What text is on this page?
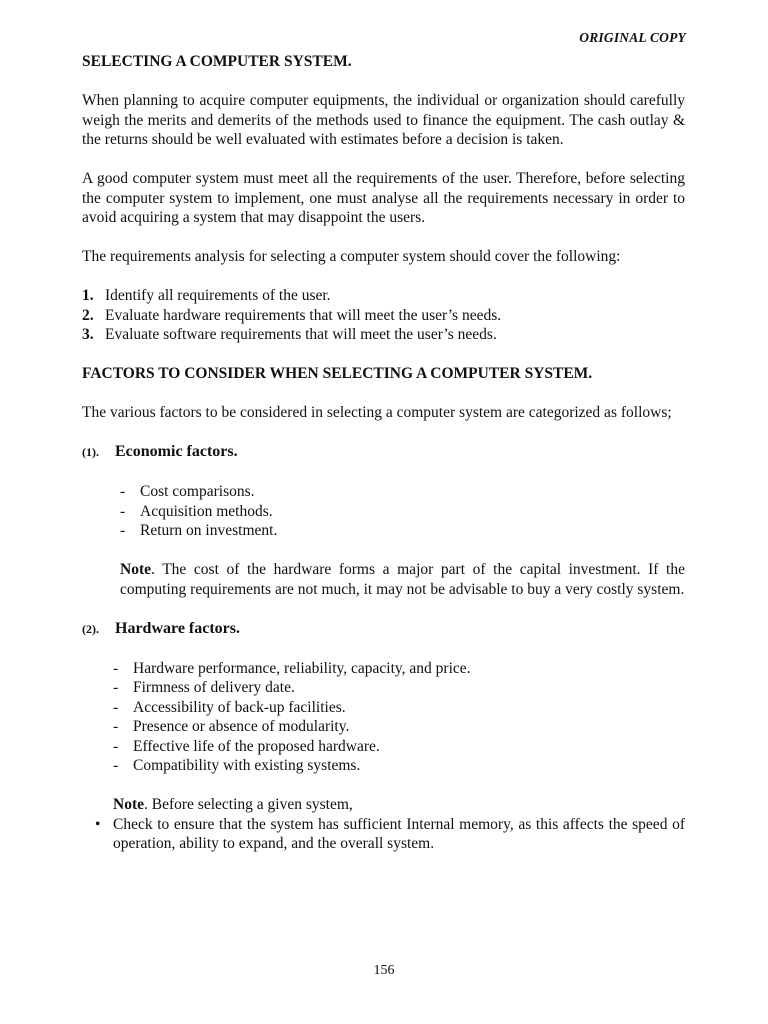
ORIGINAL COPY

SELECTING A COMPUTER SYSTEM.

When planning to acquire computer equipments, the individual or organization should carefully weigh the merits and demerits of the methods used to finance the equipment. The cash outlay & the returns should be well evaluated with estimates before a decision is taken.

A good computer system must meet all the requirements of the user. Therefore, before selecting the computer system to implement, one must analyse all the requirements necessary in order to avoid acquiring a system that may disappoint the users.

The requirements analysis for selecting a computer system should cover the following:

1. Identify all requirements of the user.
2. Evaluate hardware requirements that will meet the user’s needs.
3. Evaluate software requirements that will meet the user’s needs.

FACTORS TO CONSIDER WHEN SELECTING A COMPUTER SYSTEM.

The various factors to be considered in selecting a computer system are categorized as follows;

(1).	Economic factors.
- Cost comparisons.
- Acquisition methods.
- Return on investment.

Note. The cost of the hardware forms a major part of the capital investment. If the computing requirements are not much, it may not be advisable to buy a very costly system.

(2).	Hardware factors.
- Hardware performance, reliability, capacity, and price.
- Firmness of delivery date.
- Accessibility of back-up facilities.
- Presence or absence of modularity.
- Effective life of the proposed hardware.
- Compatibility with existing systems.

Note. Before selecting a given system,

• Check to ensure that the system has sufficient Internal memory, as this affects the speed of operation, ability to expand, and the overall system.
156
